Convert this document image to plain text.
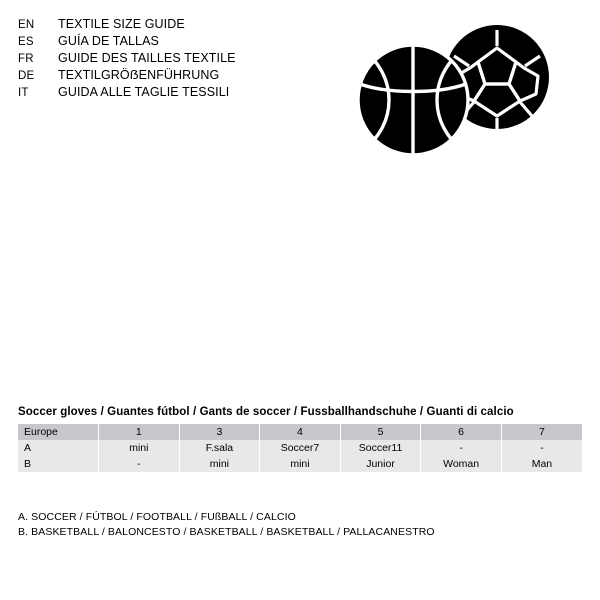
EN	TEXTILE SIZE GUIDE
ES	GUÍA DE TALLAS
FR	GUIDE DES TAILLES TEXTILE
DE	TEXTILGRÖẞENFÜHRUNG
IT	GUIDA ALLE TAGLIE TESSILI
Soccer gloves / Guantes fútbol / Gants de soccer / Fussballhandschuhe / Guanti di calcio
Europe	1	3	4	5	6	7
A	mini	F.sala	Soccer7	Soccer11	-	-
B	-	mini	mini	Junior	Woman	Man
A. SOCCER / FÚTBOL / FOOTBALL / FUßBALL / CALCIO
B. BASKETBALL / BALONCESTO / BASKETBALL / BASKETBALL / PALLACANESTRO
